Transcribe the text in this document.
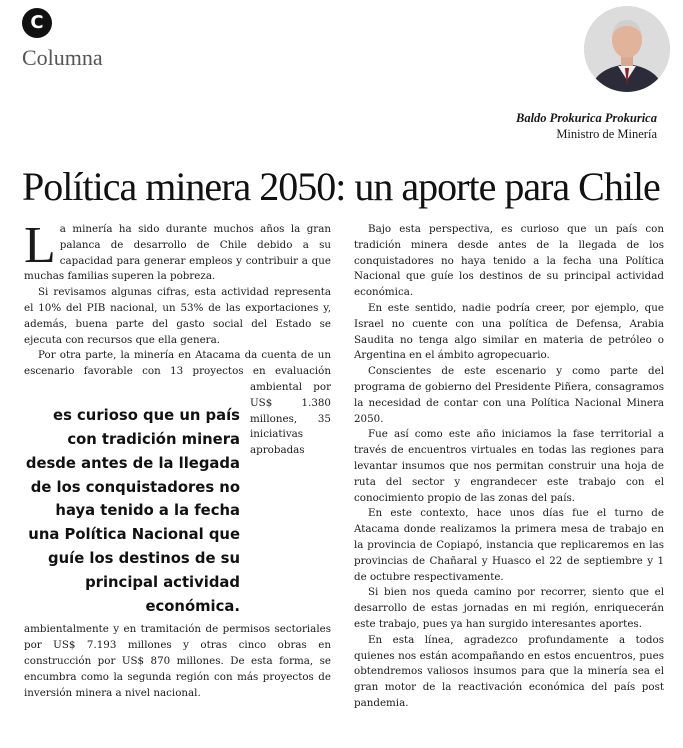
C
Columna
Baldo Prokurica Prokurica
Ministro de Minería
Política minera 2050: un aporte para Chile

La minería ha sido durante muchos años la gran palanca de desarrollo de Chile debido a su capacidad para generar empleos y contribuir a que muchas familias superen la pobreza.

es curioso que un país con tradición minera desde antes de la llegada de los conquistadores no haya tenido a la fecha una Política Nacional que guíe los destinos de su principal actividad económica.
Si revisamos algunas cifras, esta actividad representa el 10% del PIB nacional, un 53% de las exportaciones y, además, buena parte del gasto social del Estado se ejecuta con recursos que ella genera.

Por otra parte, la minería en Atacama da cuenta de un escenario favorable con 13 proyectos en evaluación ambiental por US$ 1.380 millones, 35 iniciativas aprobadas ambientalmente y en tramitación de permisos sectoriales por US$ 7.193 millones y otras cinco obras en construcción por US$ 870 millones. De esta forma, se encumbra como la segunda región con más proyectos de inversión minera a nivel nacional.

Bajo esta perspectiva, es curioso que un país con tradición minera desde antes de la llegada de los conquistadores no haya tenido a la fecha una Política Nacional que guíe los destinos de su principal actividad económica.

En este sentido, nadie podría creer, por ejemplo, que Israel no cuente con una política de Defensa, Arabia Saudita no tenga algo similar en materia de petróleo o Argentina en el ámbito agropecuario.

Conscientes de este escenario y como parte del programa de gobierno del Presidente Piñera, consagramos la necesidad de contar con una Política Nacional Minera 2050.

Fue así como este año iniciamos la fase territorial a través de encuentros virtuales en todas las regiones para levantar insumos que nos permitan construir una hoja de ruta del sector y engrandecer este trabajo con el conocimiento propio de las zonas del país.

En este contexto, hace unos días fue el turno de Atacama donde realizamos la primera mesa de trabajo en la provincia de Copiapó, instancia que replicaremos en las provincias de Chañaral y Huasco el 22 de septiembre y 1 de octubre respectivamente.

Si bien nos queda camino por recorrer, siento que el desarrollo de estas jornadas en mi región, enriquecerán este trabajo, pues ya han surgido interesantes aportes.

En esta línea, agradezco profundamente a todos quienes nos están acompañando en estos encuentros, pues obtendremos valiosos insumos para que la minería sea el gran motor de la reactivación económica del país post pandemia.
